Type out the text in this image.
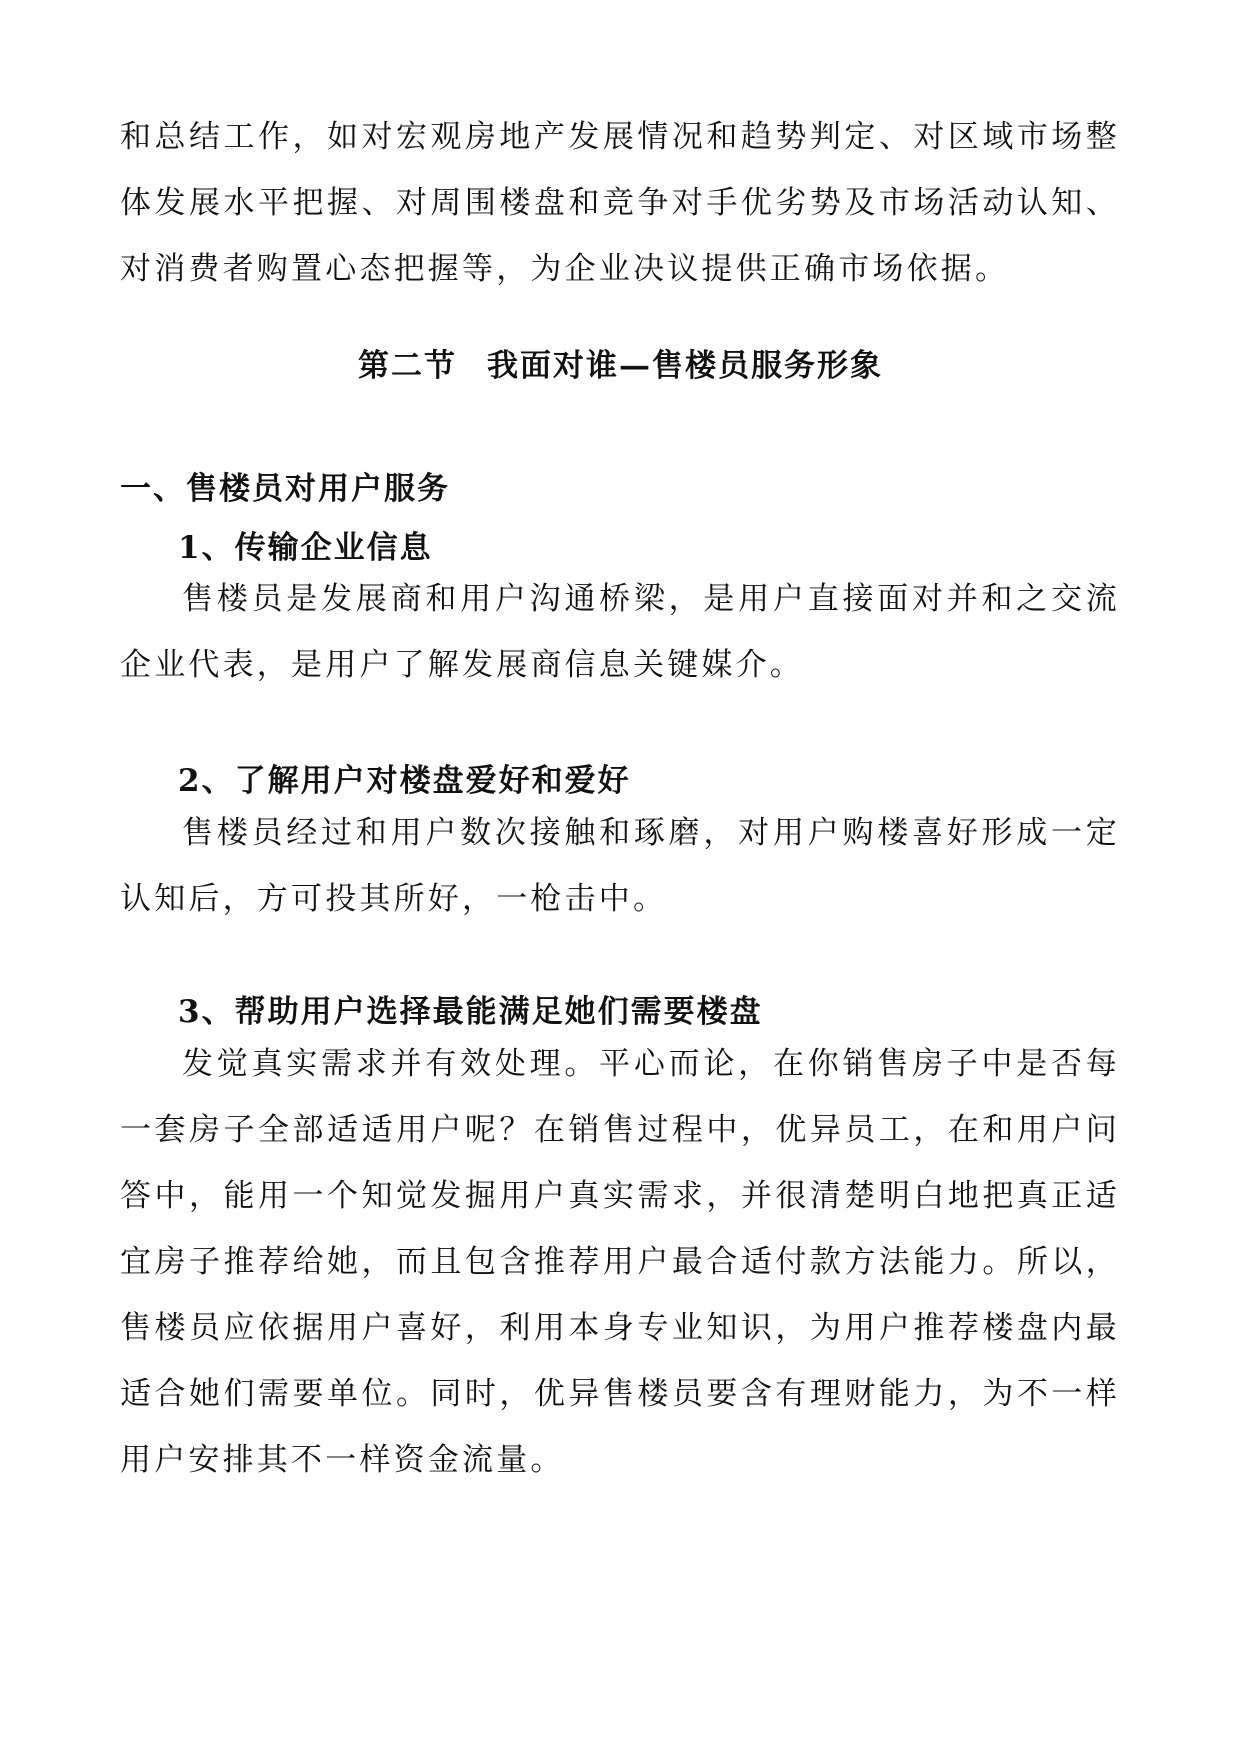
和总结工作，如对宏观房地产发展情况和趋势判定、对区域市场整体发展水平把握、对周围楼盘和竞争对手优劣势及市场活动认知、对消费者购置心态把握等，为企业决议提供正确市场依据。

第二节 我面对谁—售楼员服务形象
一、售楼员对用户服务
1、传输企业信息

售楼员是发展商和用户沟通桥梁，是用户直接面对并和之交流企业代表，是用户了解发展商信息关键媒介。

2、了解用户对楼盘爱好和爱好

售楼员经过和用户数次接触和琢磨，对用户购楼喜好形成一定认知后，方可投其所好，一枪击中。

3、帮助用户选择最能满足她们需要楼盘

发觉真实需求并有效处理。平心而论，在你销售房子中是否每一套房子全部适适用户呢？在销售过程中，优异员工，在和用户问答中，能用一个知觉发掘用户真实需求，并很清楚明白地把真正适宜房子推荐给她，而且包含推荐用户最合适付款方法能力。所以，售楼员应依据用户喜好，利用本身专业知识，为用户推荐楼盘内最适合她们需要单位。同时，优异售楼员要含有理财能力，为不一样用户安排其不一样资金流量。
